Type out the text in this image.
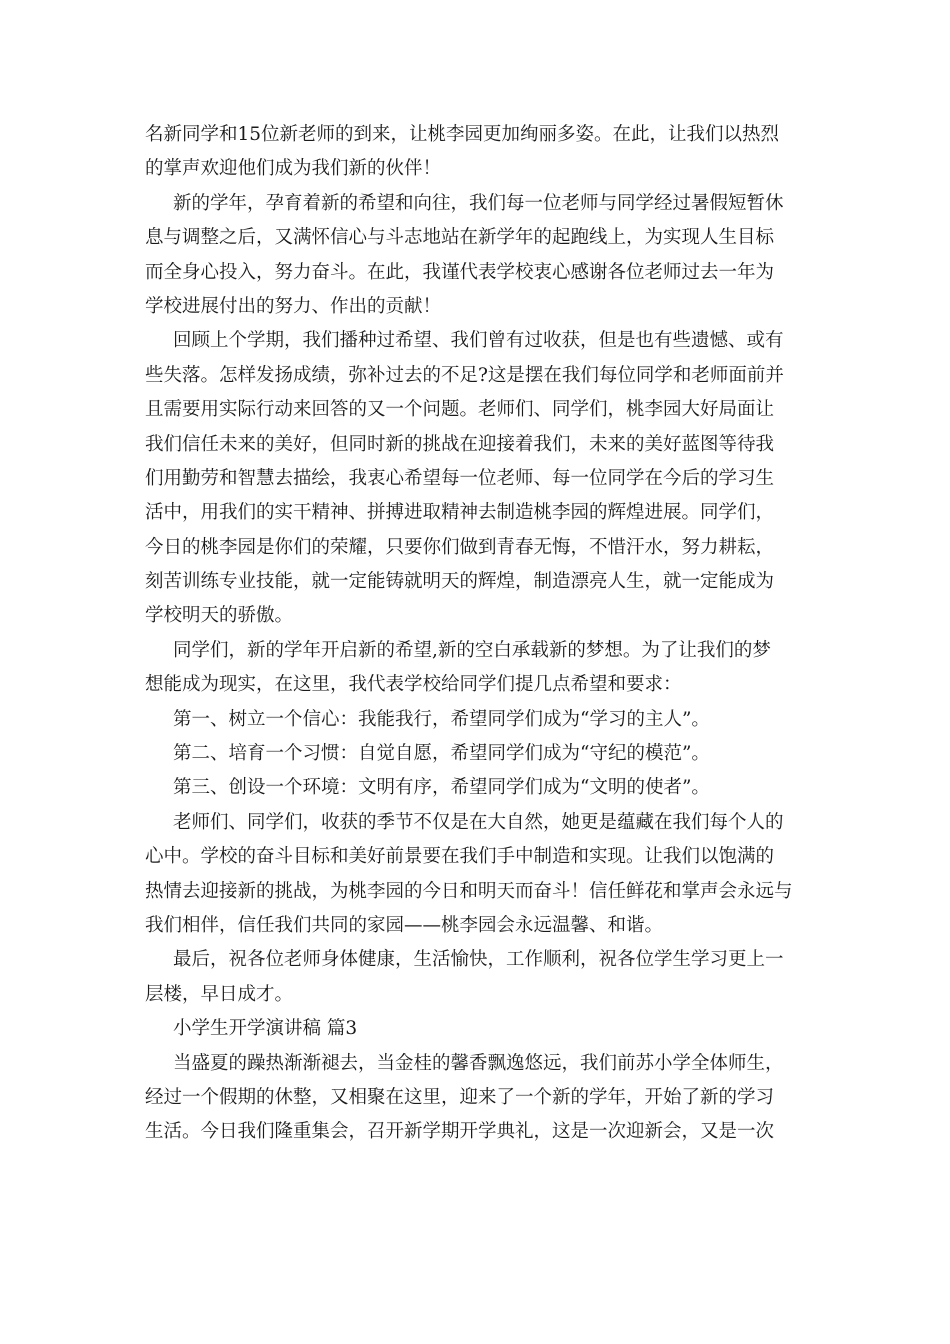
名新同学和15位新老师的到来，让桃李园更加绚丽多姿。在此，让我们以热烈
的掌声欢迎他们成为我们新的伙伴！
新的学年，孕育着新的希望和向往，我们每一位老师与同学经过暑假短暂休
息与调整之后，又满怀信心与斗志地站在新学年的起跑线上，为实现人生目标
而全身心投入，努力奋斗。在此，我谨代表学校衷心感谢各位老师过去一年为
学校进展付出的努力、作出的贡献！
回顾上个学期，我们播种过希望、我们曾有过收获，但是也有些遗憾、或有
些失落。怎样发扬成绩，弥补过去的不足?这是摆在我们每位同学和老师面前并
且需要用实际行动来回答的又一个问题。老师们、同学们，桃李园大好局面让
我们信任未来的美好，但同时新的挑战在迎接着我们，未来的美好蓝图等待我
们用勤劳和智慧去描绘，我衷心希望每一位老师、每一位同学在今后的学习生
活中，用我们的实干精神、拼搏进取精神去制造桃李园的辉煌进展。同学们，
今日的桃李园是你们的荣耀，只要你们做到青春无悔，不惜汗水，努力耕耘，
刻苦训练专业技能，就一定能铸就明天的辉煌，制造漂亮人生，就一定能成为
学校明天的骄傲。
同学们，新的学年开启新的希望,新的空白承载新的梦想。为了让我们的梦
想能成为现实，在这里，我代表学校给同学们提几点希望和要求：
第一、树立一个信心：我能我行，希望同学们成为“学习的主人”。
第二、培育一个习惯：自觉自愿，希望同学们成为“守纪的模范”。
第三、创设一个环境：文明有序，希望同学们成为“文明的使者”。
老师们、同学们，收获的季节不仅是在大自然，她更是蕴藏在我们每个人的
心中。学校的奋斗目标和美好前景要在我们手中制造和实现。让我们以饱满的
热情去迎接新的挑战，为桃李园的今日和明天而奋斗！信任鲜花和掌声会永远与
我们相伴，信任我们共同的家园——桃李园会永远温馨、和谐。
最后，祝各位老师身体健康，生活愉快，工作顺利，祝各位学生学习更上一
层楼，早日成才。
小学生开学演讲稿 篇3
当盛夏的躁热渐渐褪去，当金桂的馨香飘逸悠远，我们前苏小学全体师生，
经过一个假期的休整，又相聚在这里，迎来了一个新的学年，开始了新的学习
生活。今日我们隆重集会，召开新学期开学典礼，这是一次迎新会，又是一次
